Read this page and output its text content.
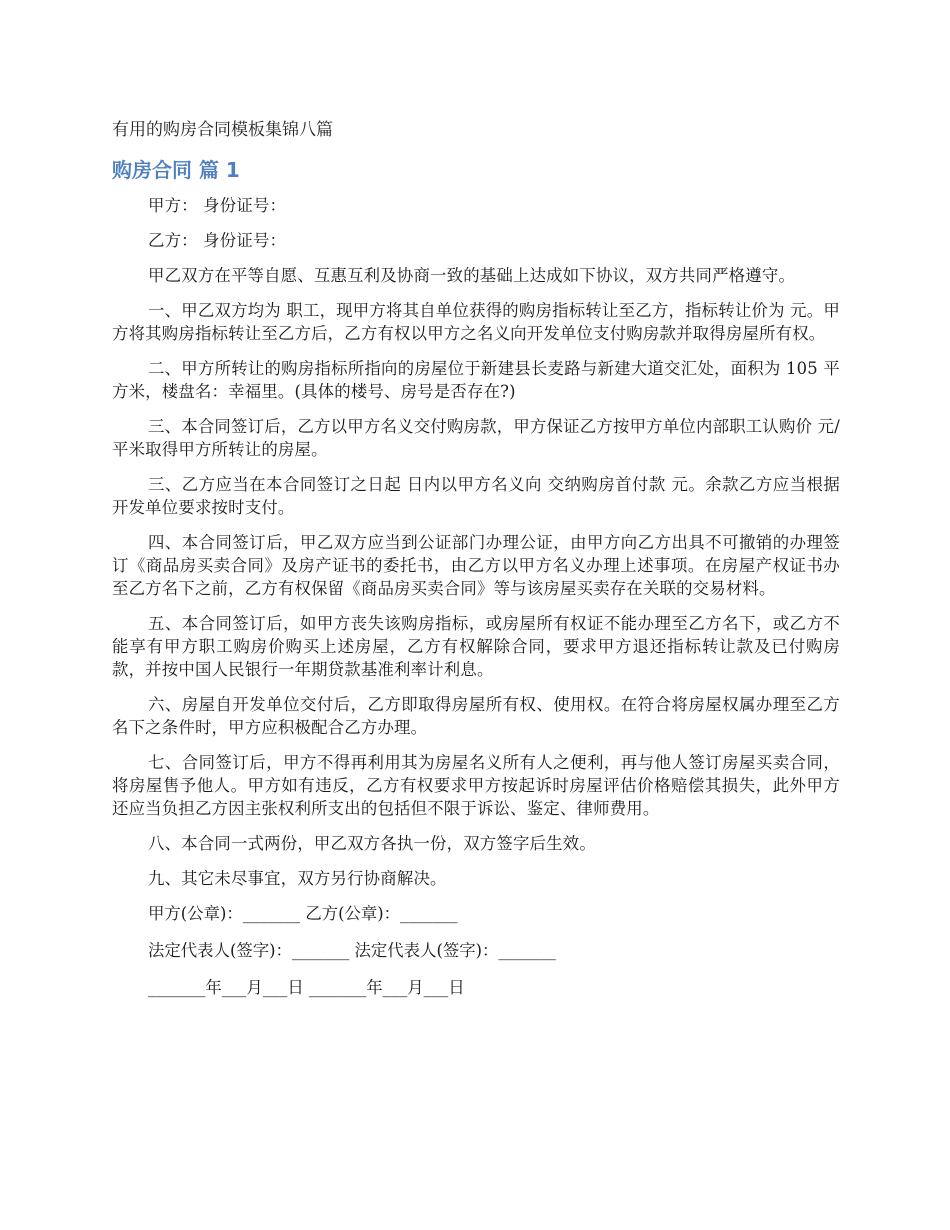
有用的购房合同模板集锦八篇
购房合同 篇 1

甲方： 身份证号：

乙方： 身份证号：

甲乙双方在平等自愿、互惠互利及协商一致的基础上达成如下协议，双方共同严格遵守。

一、甲乙双方均为 职工，现甲方将其自单位获得的购房指标转让至乙方，指标转让价为 元。甲方将其购房指标转让至乙方后，乙方有权以甲方之名义向开发单位支付购房款并取得房屋所有权。

二、甲方所转让的购房指标所指向的房屋位于新建县长麦路与新建大道交汇处，面积为 105 平方米，楼盘名：幸福里。(具体的楼号、房号是否存在?)

三、本合同签订后，乙方以甲方名义交付购房款，甲方保证乙方按甲方单位内部职工认购价 元/平米取得甲方所转让的房屋。

三、乙方应当在本合同签订之日起 日内以甲方名义向 交纳购房首付款 元。余款乙方应当根据开发单位要求按时支付。

四、本合同签订后，甲乙双方应当到公证部门办理公证，由甲方向乙方出具不可撤销的办理签订《商品房买卖合同》及房产证书的委托书，由乙方以甲方名义办理上述事项。在房屋产权证书办至乙方名下之前，乙方有权保留《商品房买卖合同》等与该房屋买卖存在关联的交易材料。

五、本合同签订后，如甲方丧失该购房指标，或房屋所有权证不能办理至乙方名下，或乙方不能享有甲方职工购房价购买上述房屋，乙方有权解除合同，要求甲方退还指标转让款及已付购房款，并按中国人民银行一年期贷款基准利率计利息。

六、房屋自开发单位交付后，乙方即取得房屋所有权、使用权。在符合将房屋权属办理至乙方名下之条件时，甲方应积极配合乙方办理。

七、合同签订后，甲方不得再利用其为房屋名义所有人之便利，再与他人签订房屋买卖合同，将房屋售予他人。甲方如有违反，乙方有权要求甲方按起诉时房屋评估价格赔偿其损失，此外甲方还应当负担乙方因主张权利所支出的包括但不限于诉讼、鉴定、律师费用。

八、本合同一式两份，甲乙双方各执一份，双方签字后生效。

九、其它未尽事宜，双方另行协商解决。

甲方(公章)：_______ 乙方(公章)：_______
法定代表人(签字)：_______ 法定代表人(签字)：_______
_______年___月___日 _______年___月___日
